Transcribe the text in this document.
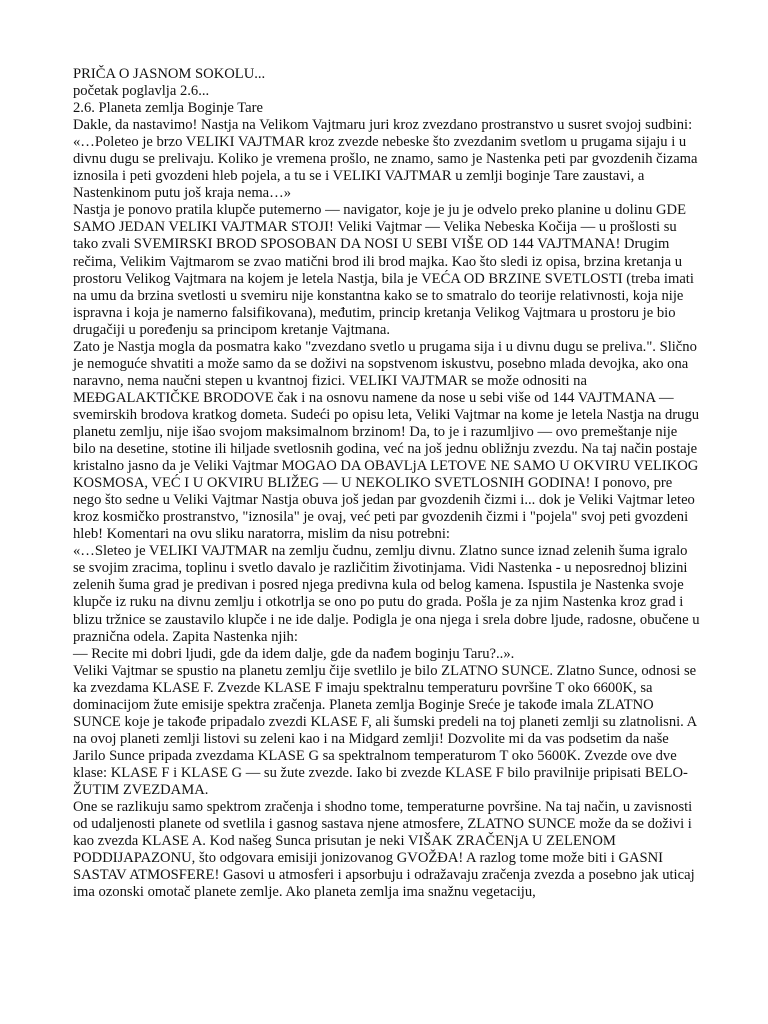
PRIČA O JASNOM SOKOLU...

početak poglavlja 2.6...

2.6. Planeta zemlja Boginje Tare

Dakle, da nastavimo! Nastja na Velikom Vajtmaru juri kroz zvezdano prostranstvo u susret svojoj sudbini:

«…Poleteo je brzo VELIKI VAJTMAR kroz zvezde nebeske što zvezdanim svetlom u prugama sijaju i u divnu dugu se prelivaju. Koliko je vremena prošlo, ne znamo, samo je Nastenka peti par gvozdenih čizama iznosila i peti gvozdeni hleb pojela, a tu se i VELIKI VAJTMAR u zemlji boginje Tare zaustavi, a Nastenkinom putu još kraja nema…»

Nastja je ponovo pratila klupče putemerno — navigator, koje je ju je odvelo preko planine u dolinu GDE SAMO JEDAN VELIKI VAJTMAR STOJI! Veliki Vajtmar — Velika Nebeska Kočija — u prošlosti su tako zvali SVEMIRSKI BROD SPOSOBAN DA NOSI U SEBI VIŠE OD 144 VAJTMANA! Drugim rečima, Velikim Vajtmarom se zvao matični brod ili brod majka. Kao što sledi iz opisa, brzina kretanja u prostoru Velikog Vajtmara na kojem je letela Nastja, bila je VEĆA OD BRZINE SVETLOSTI (treba imati na umu da brzina svetlosti u svemiru nije konstantna kako se to smatralo do teorije relativnosti, koja nije ispravna i koja je namerno falsifikovana), međutim, princip kretanja Velikog Vajtmara u prostoru je bio drugačiji u poređenju sa principom kretanje Vajtmana.

Zato je Nastja mogla da posmatra kako "zvezdano svetlo u prugama sija i u divnu dugu se preliva.". Slično je nemoguće shvatiti a može samo da se doživi na sopstvenom iskustvu, posebno mlada devojka, ako ona naravno, nema naučni stepen u kvantnoj fizici. VELIKI VAJTMAR se može odnositi na MEĐGALAKTIČKE BRODOVE čak i na osnovu namene da nose u sebi više od 144 VAJTMANA — svemirskih brodova kratkog dometa. Sudeći po opisu leta, Veliki Vajtmar na kome je letela Nastja na drugu planetu zemlju, nije išao svojom maksimalnom brzinom! Da, to je i razumljivo — ovo premeštanje nije bilo na desetine, stotine ili hiljade svetlosnih godina, već na još jednu obližnju zvezdu. Na taj način postaje kristalno jasno da je Veliki Vajtmar MOGAO DA OBAVLjA LETOVE NE SAMO U OKVIRU VELIKOG KOSMOSA, VEĆ I U OKVIRU BLIŽEG — U NEKOLIKO SVETLOSNIH GODINA! I ponovo, pre nego što sedne u Veliki Vajtmar Nastja obuva još jedan par gvozdenih čizmi i... dok je Veliki Vajtmar leteo kroz kosmičko prostranstvo, "iznosila" je ovaj, već peti par gvozdenih čizmi i "pojela" svoj peti gvozdeni hleb! Komentari na ovu sliku naratorra, mislim da nisu potrebni:

«…Sleteo je VELIKI VAJTMAR na zemlju čudnu, zemlju divnu. Zlatno sunce iznad zelenih šuma igralo se svojim zracima, toplinu i svetlo davalo je različitim životinjama. Vidi Nastenka - u neposrednoj blizini zelenih šuma grad je predivan i posred njega predivna kula od belog kamena. Ispustila je Nastenka svoje klupče iz ruku na divnu zemlju i otkotrlja se ono po putu do grada. Pošla je za njim Nastenka kroz grad i blizu tržnice se zaustavilo klupče i ne ide dalje. Podigla je ona njega i srela dobre ljude, radosne, obučene u praznična odela. Zapita Nastenka njih:

— Recite mi dobri ljudi, gde da idem dalje, gde da nađem boginju Taru?..».

Veliki Vajtmar se spustio na planetu zemlju čije svetlilo je bilo ZLATNO SUNCE. Zlatno Sunce, odnosi se ka zvezdama KLASE F. Zvezde KLASE F imaju spektralnu temperaturu površine T oko 6600K, sa dominacijom žute emisije spektra zračenja. Planeta zemlja Boginje Sreće je takođe imala ZLATNO SUNCE koje je takođe pripadalo zvezdi KLASE F, ali šumski predeli na toj planeti zemlji su zlatnolisni. A na ovoj planeti zemlji listovi su zeleni kao i na Midgard zemlji! Dozvolite mi da vas podsetim da naše Jarilo Sunce pripada zvezdama KLASE G sa spektralnom temperaturom T oko 5600K. Zvezde ove dve klase: KLASE F i KLASE G — su žute zvezde. Iako bi zvezde KLASE F bilo pravilnije pripisati BELO-ŽUTIM ZVEZDAMA.

One se razlikuju samo spektrom zračenja i shodno tome, temperaturne površine. Na taj način, u zavisnosti od udaljenosti planete od svetlila i gasnog sastava njene atmosfere, ZLATNO SUNCE može da se doživi i kao zvezda KLASE A. Kod našeg Sunca prisutan je neki VIŠAK ZRAČENjA U ZELENOM PODDIJAPAZONU, što odgovara emisiji jonizovanog GVOŽĐA! A razlog tome može biti i GASNI SASTAV ATMOSFERE! Gasovi u atmosferi i apsorbuju i odražavaju zračenja zvezda a posebno jak uticaj ima ozonski omotač planete zemlje. Ako planeta zemlja ima snažnu vegetaciju,
